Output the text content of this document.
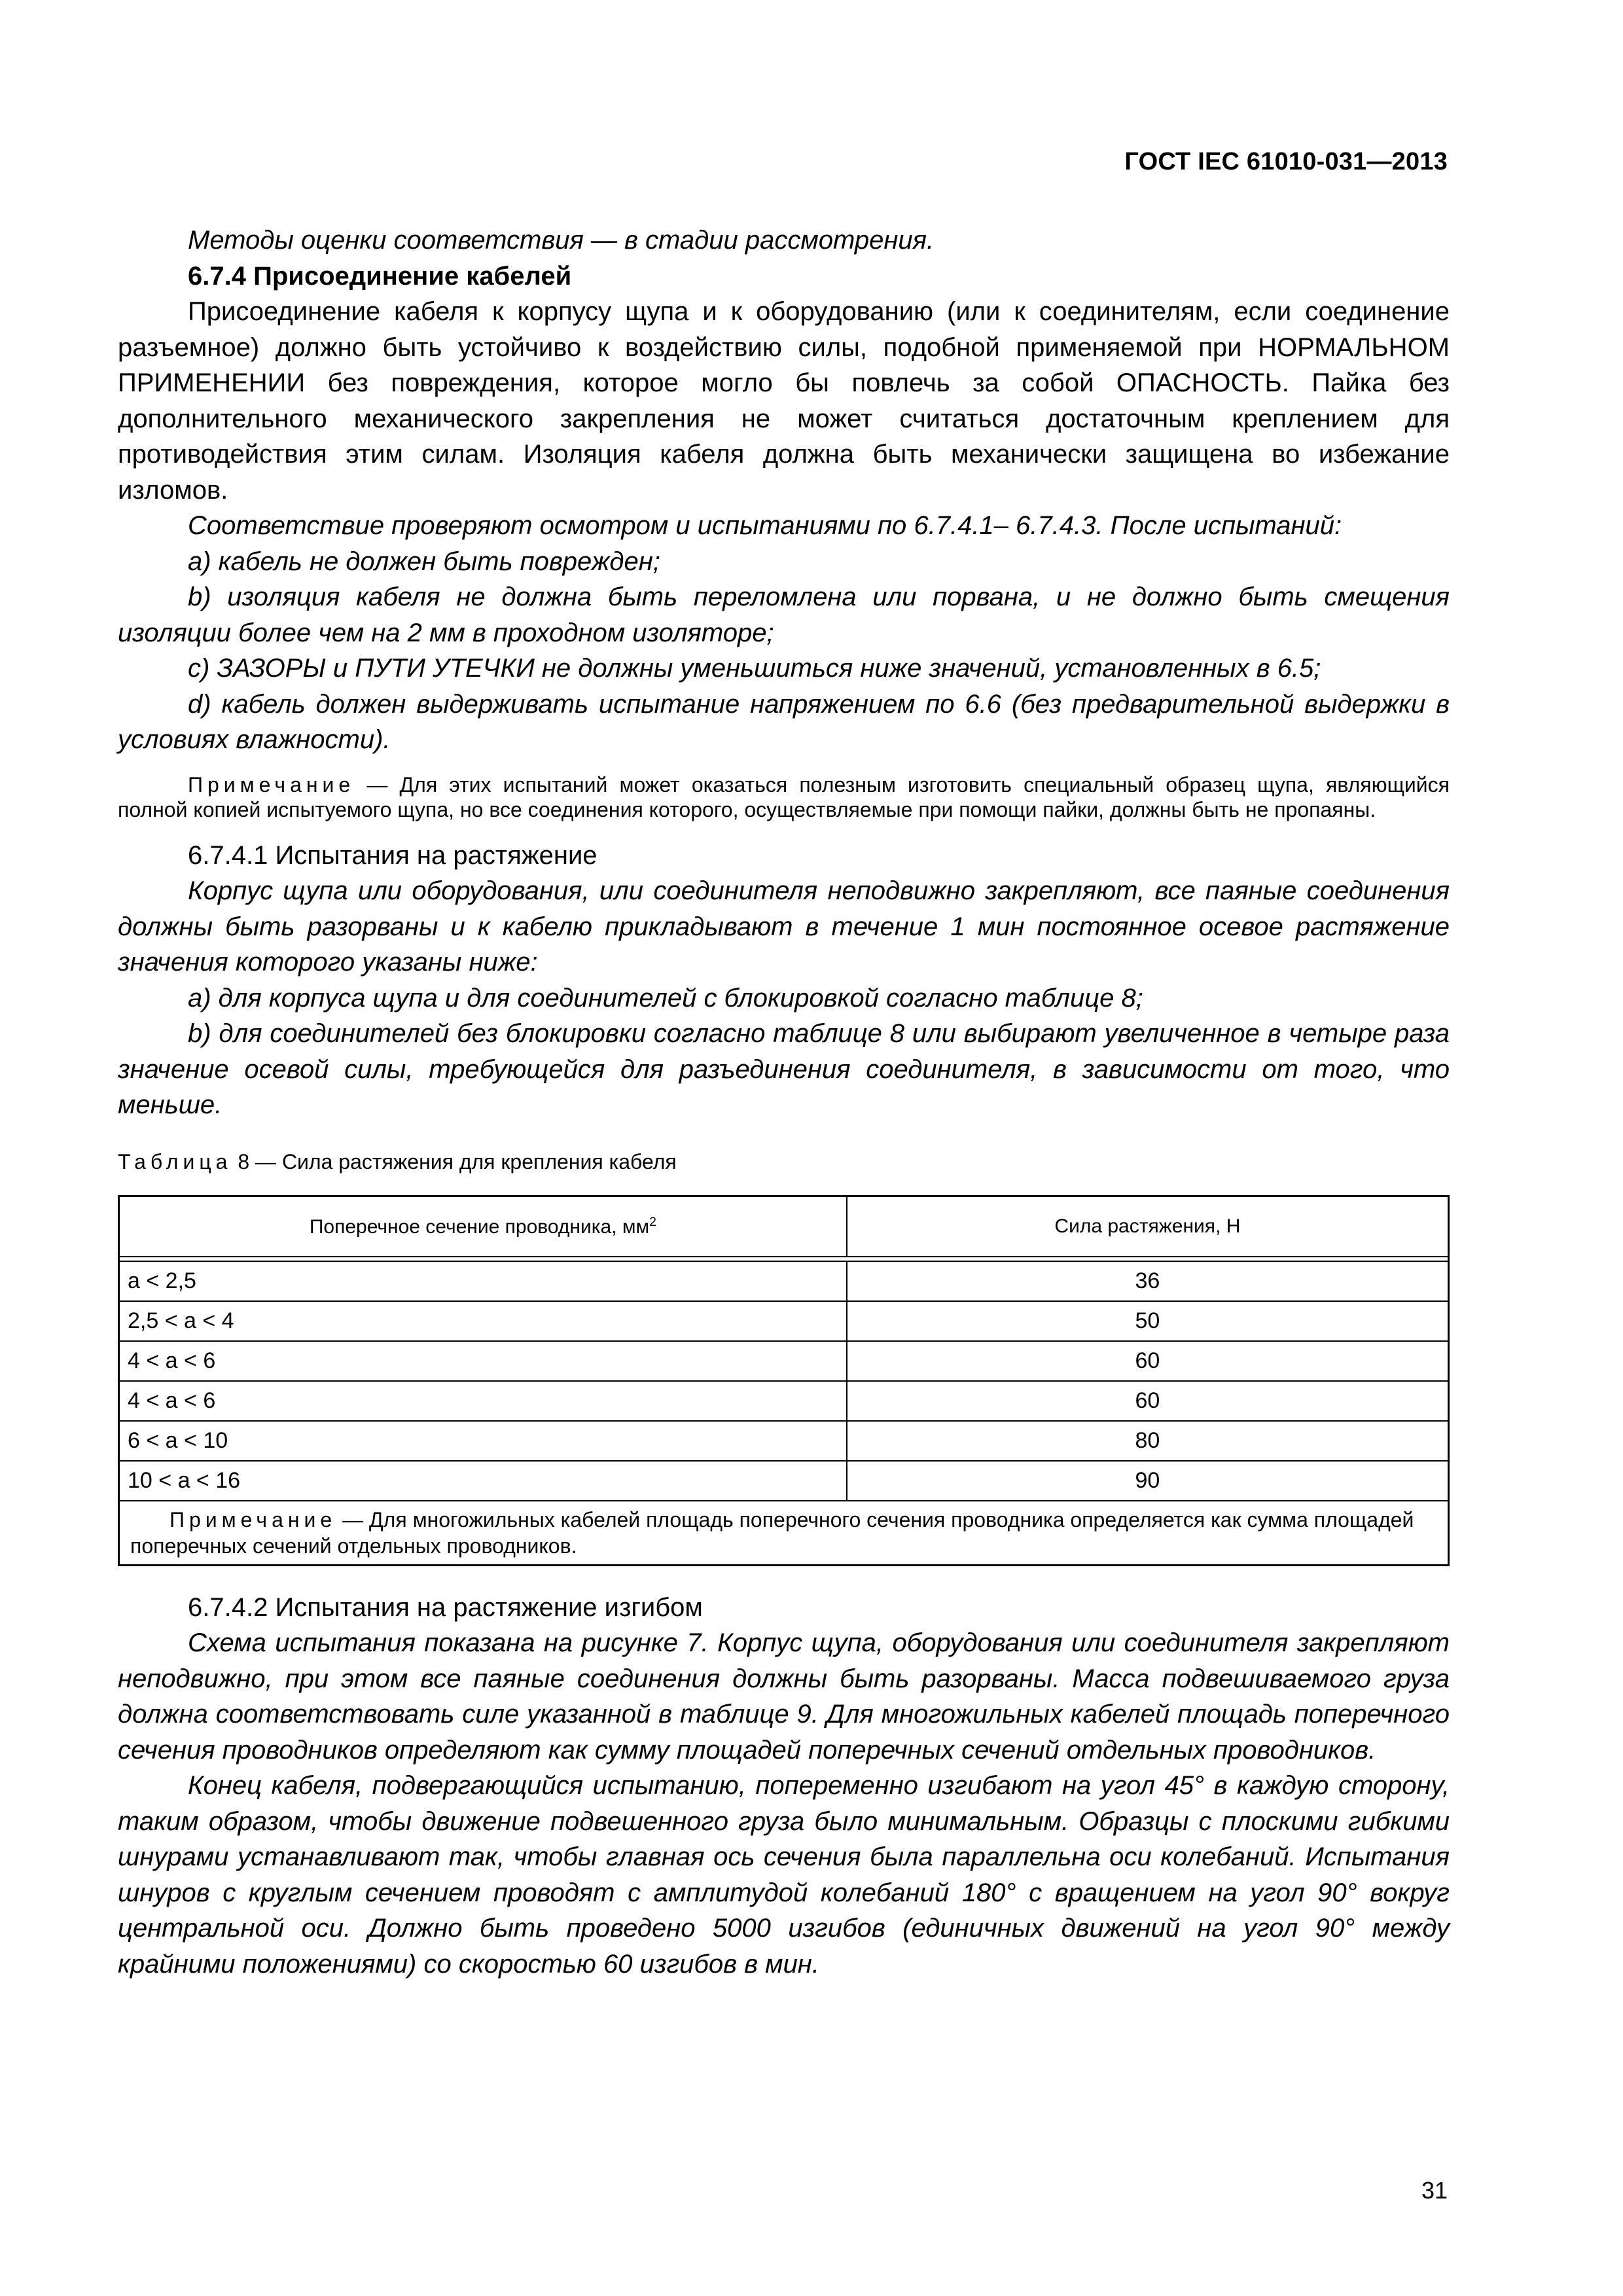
ГОСТ IEC 61010-031—2013

Методы оценки соответствия — в стадии рассмотрения.

6.7.4 Присоединение кабелей

Присоединение кабеля к корпусу щупа и к оборудованию (или к соединителям, если соединение разъемное) должно быть устойчиво к воздействию силы, подобной применяемой при НОРМАЛЬНОМ ПРИМЕНЕНИИ без повреждения, которое могло бы повлечь за собой ОПАСНОСТЬ. Пайка без дополнительного механического закрепления не может считаться достаточным креплением для противодействия этим силам. Изоляция кабеля должна быть механически защищена во избежание изломов.

Соответствие проверяют осмотром и испытаниями по 6.7.4.1– 6.7.4.3. После испытаний:

a) кабель не должен быть поврежден;

b) изоляция кабеля не должна быть переломлена или порвана, и не должно быть смещения изоляции более чем на 2 мм в проходном изоляторе;

c) ЗАЗОРЫ и ПУТИ УТЕЧКИ не должны уменьшиться ниже значений, установленных в 6.5;

d) кабель должен выдерживать испытание напряжением по 6.6 (без предварительной выдержки в условиях влажности).

Примечание — Для этих испытаний может оказаться полезным изготовить специальный образец щупа, являющийся полной копией испытуемого щупа, но все соединения которого, осуществляемые при помощи пайки, должны быть не пропаяны.

6.7.4.1 Испытания на растяжение

Корпус щупа или оборудования, или соединителя неподвижно закрепляют, все паяные соединения должны быть разорваны и к кабелю прикладывают в течение 1 мин постоянное осевое растяжение значения которого указаны ниже:

a) для корпуса щупа и для соединителей с блокировкой согласно таблице 8;

b) для соединителей без блокировки согласно таблице 8 или выбирают увеличенное в четыре раза значение осевой силы, требующейся для разъединения соединителя, в зависимости от того, что меньше.

Таблица 8 — Сила растяжения для крепления кабеля

Поперечное сечение проводника, $мм^2$	Сила растяжения, Н

a < 2,5	36
2,5 < a < 4	50
4 < a < 6	60
4 < a < 6	60
6 < a < 10	80
10 < a < 16	90
Примечание — Для многожильных кабелей площадь поперечного сечения проводника определяется как сумма площадей поперечных сечений отдельных проводников.	

6.7.4.2 Испытания на растяжение изгибом

Схема испытания показана на рисунке 7. Корпус щупа, оборудования или соединителя закрепляют неподвижно, при этом все паяные соединения должны быть разорваны. Масса подвешиваемого груза должна соответствовать силе указанной в таблице 9. Для многожильных кабелей площадь поперечного сечения проводников определяют как сумму площадей поперечных сечений отдельных проводников.

Конец кабеля, подвергающийся испытанию, попеременно изгибают на угол 45° в каждую сторону, таким образом, чтобы движение подвешенного груза было минимальным. Образцы с плоскими гибкими шнурами устанавливают так, чтобы главная ось сечения была параллельна оси колебаний. Испытания шнуров с круглым сечением проводят с амплитудой колебаний 180° с вращением на угол 90° вокруг центральной оси. Должно быть проведено 5000 изгибов (единичных движений на угол 90° между крайними положениями) со скоростью 60 изгибов в мин.

31
